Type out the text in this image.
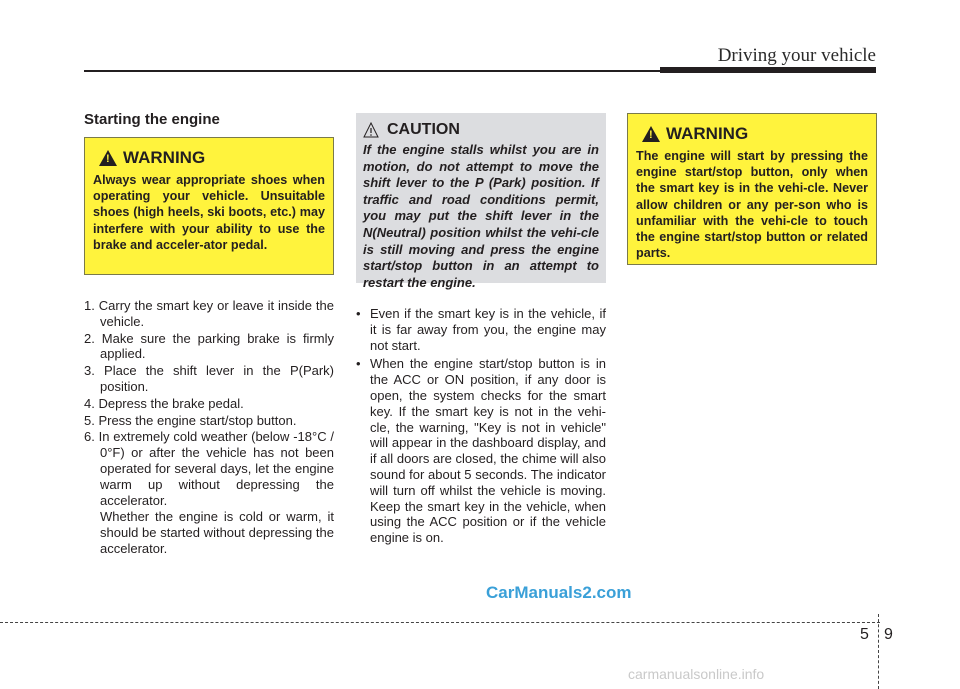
Driving your vehicle
Starting the engine
!
WARNING
Always wear appropriate shoes when operating your vehicle. Unsuitable shoes (high heels, ski boots, etc.) may interfere with your ability to use the brake and acceler-ator pedal.
1. Carry the smart key or leave it inside the vehicle.
2. Make sure the parking brake is firmly applied.
3. Place the shift lever in the P(Park) position.
4. Depress the brake pedal.
5. Press the engine start/stop button.
6. In extremely cold weather (below -18°C / 0°F) or after the vehicle has not been operated for several days, let the engine warm up without depressing the accelerator.
Whether the engine is cold or warm, it should be started without depressing the accelerator.
CAUTION
If the engine stalls whilst you are in motion, do not attempt to move the shift lever to the P (Park) position. If traffic and road conditions permit, you may put the shift lever in the N(Neutral) position whilst the vehi-cle is still moving and press the engine start/stop button in an attempt to restart the engine.
• Even if the smart key is in the vehicle, if it is far away from you, the engine may not start.
• When the engine start/stop button is in the ACC or ON position, if any door is open, the system checks for the smart key. If the smart key is not in the vehi-cle, the warning, "Key is not in vehicle" will appear in the dashboard display, and if all doors are closed, the chime will also sound for about 5 seconds. The indicator will turn off whilst the vehicle is moving. Keep the smart key in the vehicle, when using the ACC position or if the vehicle engine is on.
!
WARNING
The engine will start by pressing the engine start/stop button, only when the smart key is in the vehi-cle. Never allow children or any per-son who is unfamiliar with the vehi-cle to touch the engine start/stop button or related parts.
CarManuals2.com
5 9
carmanualsonline.info
